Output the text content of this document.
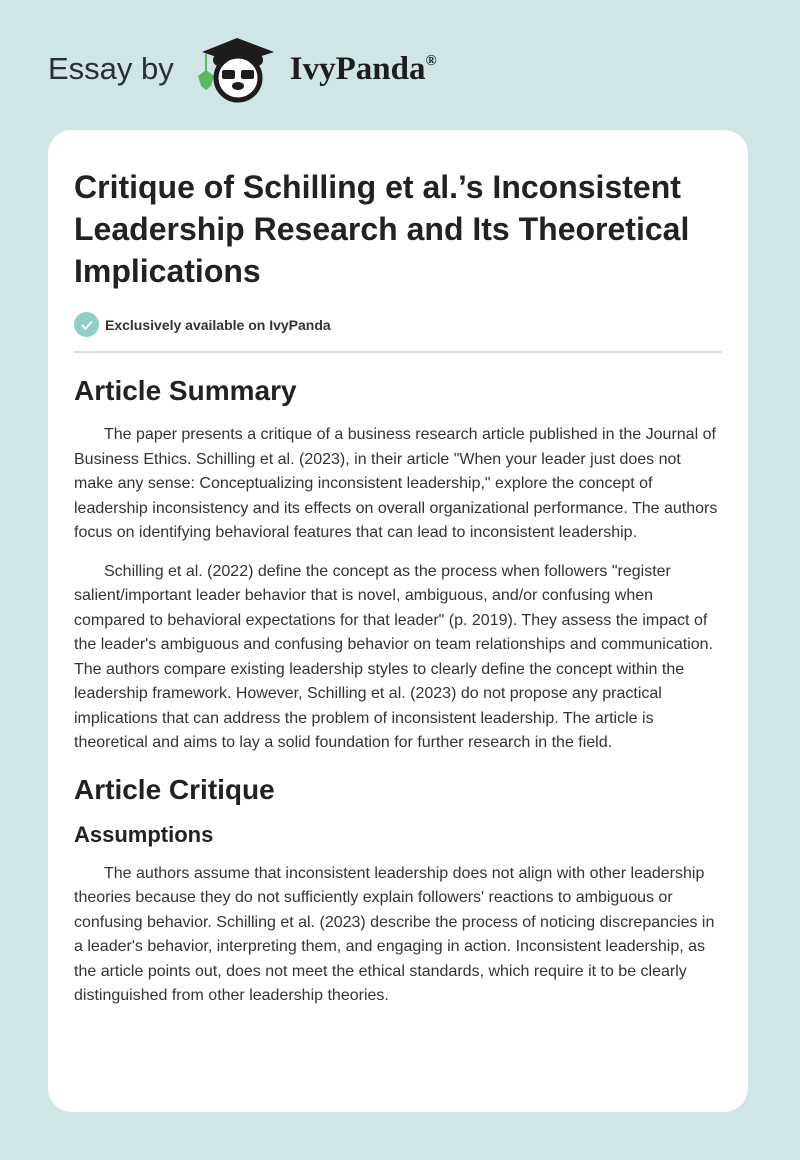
Essay by	IvyPanda®
Critique of Schilling et al.’s Inconsistent Leadership Research and Its Theoretical Implications
Exclusively available on IvyPanda
Article Summary

The paper presents a critique of a business research article published in the Journal of Business Ethics. Schilling et al. (2023), in their article "When your leader just does not make any sense: Conceptualizing inconsistent leadership," explore the concept of leadership inconsistency and its effects on overall organizational performance. The authors focus on identifying behavioral features that can lead to inconsistent leadership.

Schilling et al. (2022) define the concept as the process when followers "register salient/important leader behavior that is novel, ambiguous, and/or confusing when compared to behavioral expectations for that leader" (p. 2019). They assess the impact of the leader's ambiguous and confusing behavior on team relationships and communication. The authors compare existing leadership styles to clearly define the concept within the leadership framework. However, Schilling et al. (2023) do not propose any practical implications that can address the problem of inconsistent leadership. The article is theoretical and aims to lay a solid foundation for further research in the field.

Article Critique
Assumptions

The authors assume that inconsistent leadership does not align with other leadership theories because they do not sufficiently explain followers' reactions to ambiguous or confusing behavior. Schilling et al. (2023) describe the process of noticing discrepancies in a leader's behavior, interpreting them, and engaging in action. Inconsistent leadership, as the article points out, does not meet the ethical standards, which require it to be clearly distinguished from other leadership theories.
